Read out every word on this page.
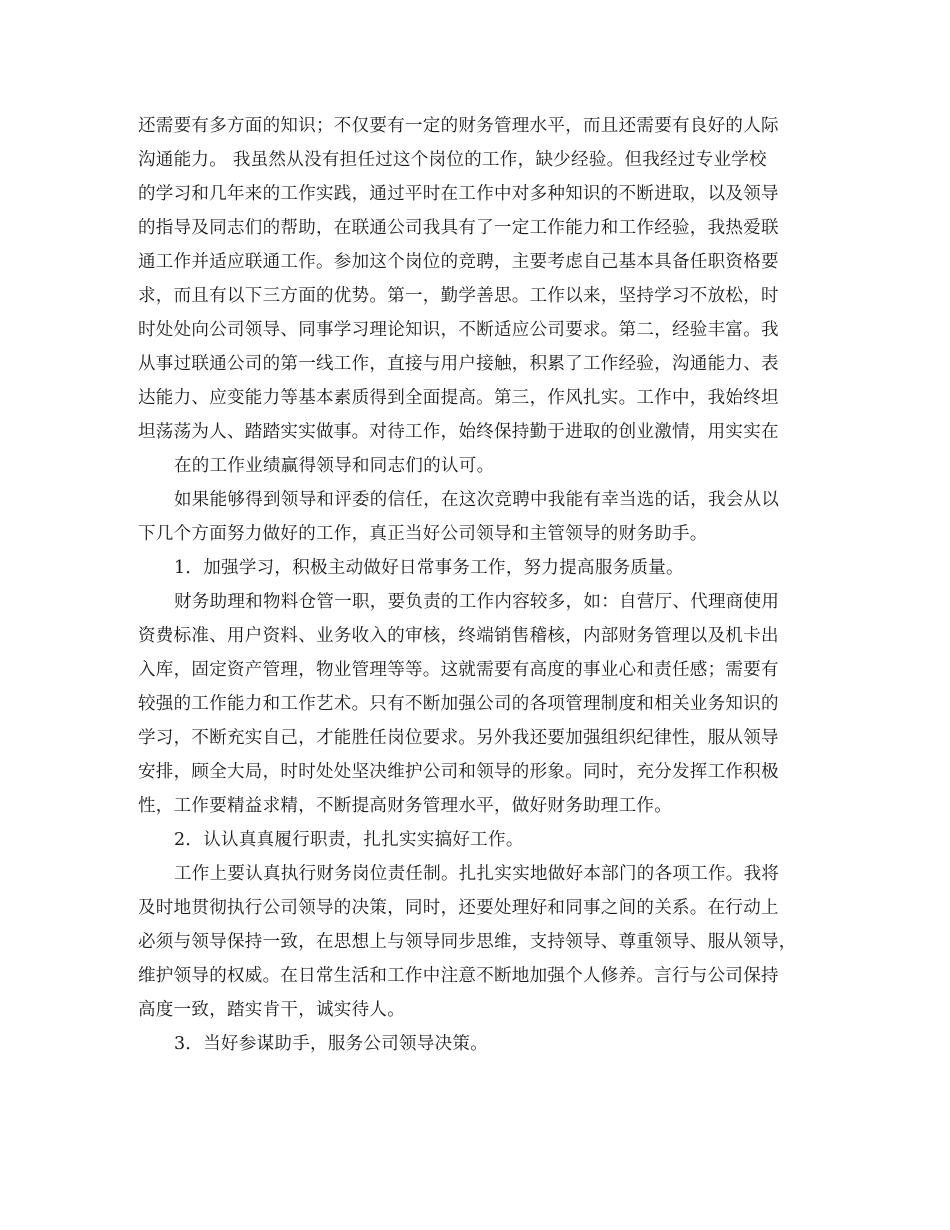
还需要有多方面的知识；不仅要有一定的财务管理水平，而且还需要有良好的人际
沟通能力。 我虽然从没有担任过这个岗位的工作，缺少经验。但我经过专业学校
的学习和几年来的工作实践，通过平时在工作中对多种知识的不断进取，以及领导
的指导及同志们的帮助，在联通公司我具有了一定工作能力和工作经验，我热爱联
通工作并适应联通工作。参加这个岗位的竞聘，主要考虑自己基本具备任职资格要
求，而且有以下三方面的优势。第一，勤学善思。工作以来，坚持学习不放松，时
时处处向公司领导、同事学习理论知识，不断适应公司要求。第二，经验丰富。我
从事过联通公司的第一线工作，直接与用户接触，积累了工作经验，沟通能力、表
达能力、应变能力等基本素质得到全面提高。第三，作风扎实。工作中，我始终坦
坦荡荡为人、踏踏实实做事。对待工作，始终保持勤于进取的创业激情，用实实在
在的工作业绩赢得领导和同志们的认可。
如果能够得到领导和评委的信任，在这次竞聘中我能有幸当选的话，我会从以
下几个方面努力做好的工作，真正当好公司领导和主管领导的财务助手。
1．加强学习，积极主动做好日常事务工作，努力提高服务质量。
财务助理和物料仓管一职，要负责的工作内容较多，如：自营厅、代理商使用
资费标准、用户资料、业务收入的审核，终端销售稽核，内部财务管理以及机卡出
入库，固定资产管理，物业管理等等。这就需要有高度的事业心和责任感；需要有
较强的工作能力和工作艺术。只有不断加强公司的各项管理制度和相关业务知识的
学习，不断充实自己，才能胜任岗位要求。另外我还要加强组织纪律性，服从领导
安排，顾全大局，时时处处坚决维护公司和领导的形象。同时，充分发挥工作积极
性，工作要精益求精，不断提高财务管理水平，做好财务助理工作。
2．认认真真履行职责，扎扎实实搞好工作。
工作上要认真执行财务岗位责任制。扎扎实实地做好本部门的各项工作。我将
及时地贯彻执行公司领导的决策，同时，还要处理好和同事之间的关系。在行动上
必须与领导保持一致，在思想上与领导同步思维，支持领导、尊重领导、服从领导，
维护领导的权威。在日常生活和工作中注意不断地加强个人修养。言行与公司保持
高度一致，踏实肯干，诚实待人。
3．当好参谋助手，服务公司领导决策。
